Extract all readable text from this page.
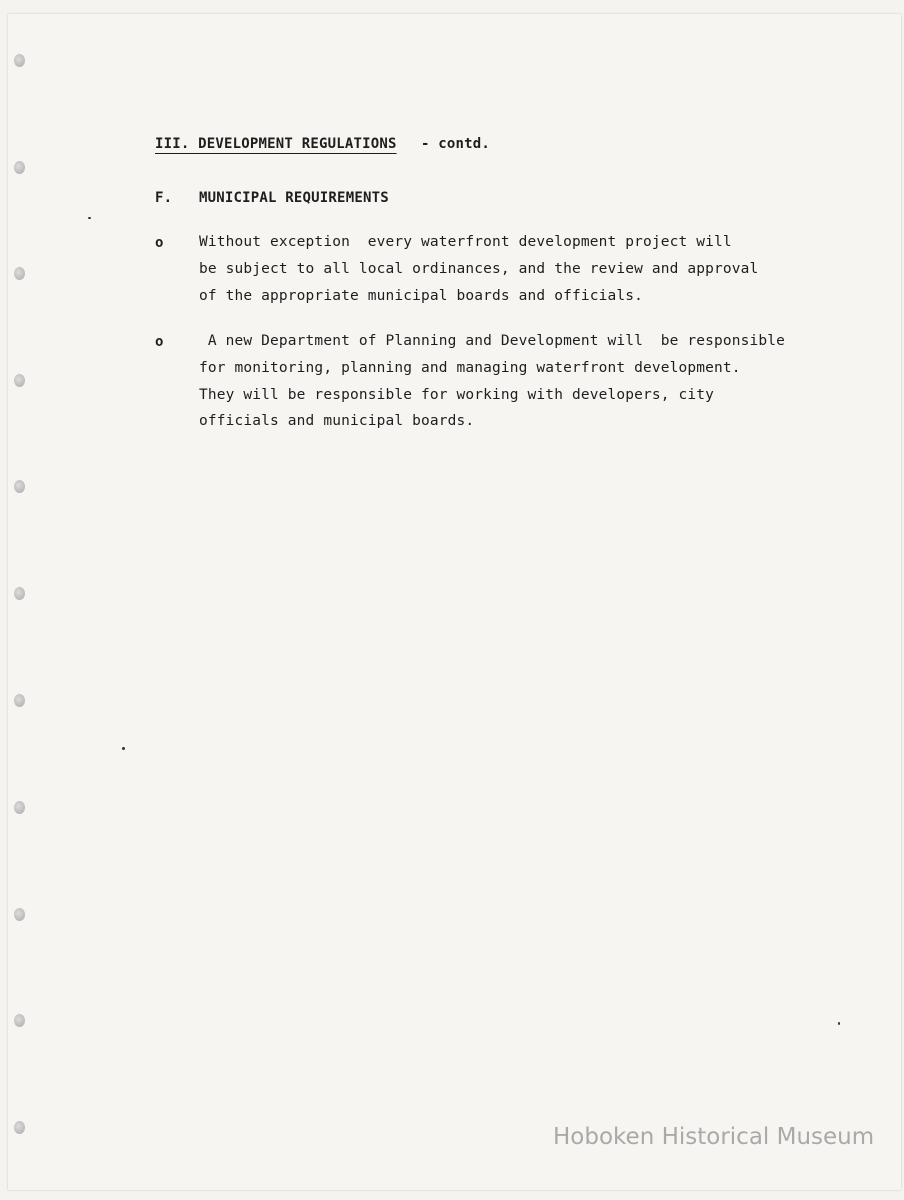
III. DEVELOPMENT REGULATIONS - contd.
F. MUNICIPAL REQUIREMENTS
o Without exception  every waterfront development project will
be subject to all local ordinances, and the review and approval
of the appropriate municipal boards and officials.
o A new Department of Planning and Development will  be responsible
for monitoring, planning and managing waterfront development.
They will be responsible for working with developers, city
officials and municipal boards.
Hoboken Historical Museum
